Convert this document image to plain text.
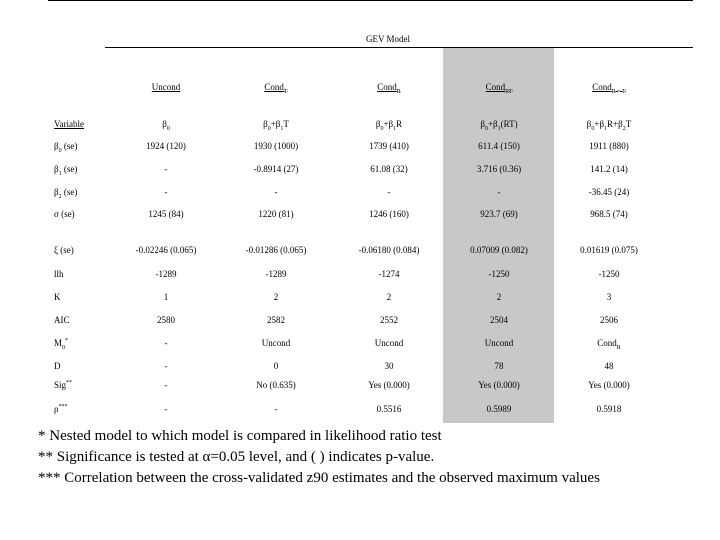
GEV Model
Uncond	Cond$_T$	Cond$_R$	Cond$_{RT}$	Cond$_{R + T}$
Variable	$\beta_0$	$\beta_0+\beta_1T$	$\beta_0+\beta_1R$	$\beta_0+\beta_1(RT)$	$\beta_0+\beta_1R+\beta_2T$
$\beta_0$ (se)	1924 (120)	1930 (1000)	1739 (410)	611.4 (150)	1911 (880)
$\beta_1$ (se)	-	-0.8914 (27)	61.08 (32)	3.716 (0.36)	141.2 (14)
$\beta_2$ (se)	-	-	-	-	-36.45 (24)
σ (se)	1245 (84)	1220 (81)	1246 (160)	923.7 (69)	968.5 (74)
ξ (se)	-0.02246 (0.065)	-0.01286 (0.065)	-0.06180 (0.084)	0.07009 (0.082)	0.01619 (0.075)
llh	-1289	-1289	-1274	-1250	-1250
K	1	2	2	2	3
AIC	2580	2582	2552	2504	2506
$M_0^*$	-	Uncond	Uncond	Uncond	Cond$_R$
D	-	0	30	78	48
Sig**	-	No (0.635)	Yes (0.000)	Yes (0.000)	Yes (0.000)
ρ***	-	-	0.5516	0.5989	0.5918
* Nested model to which model is compared in likelihood ratio test
** Significance is tested at α=0.05 level, and ( ) indicates p-value.
*** Correlation between the cross-validated z90 estimates and the observed maximum values
